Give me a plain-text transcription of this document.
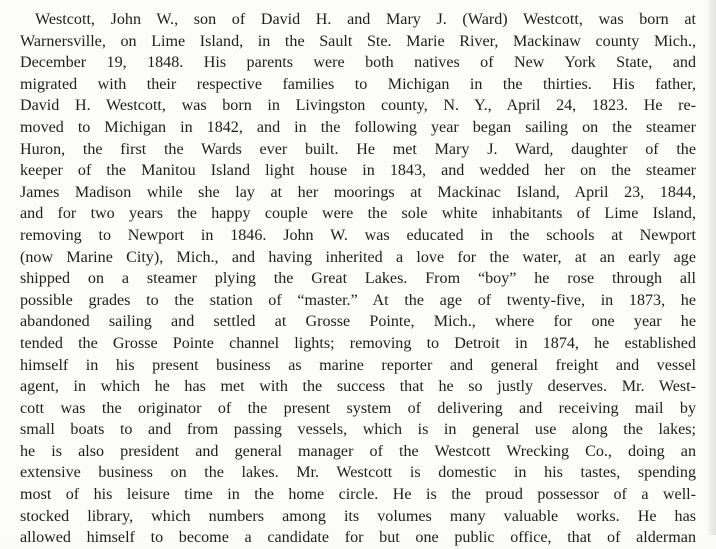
Westcott, John W., son of David H. and Mary J. (Ward) Westcott, was born at
Warnersville, on Lime Island, in the Sault Ste. Marie River, Mackinaw county Mich.,
December 19, 1848. His parents were both natives of New York State, and
migrated with their respective families to Michigan in the thirties. His father,
David H. Westcott, was born in Livingston county, N. Y., April 24, 1823. He re-
moved to Michigan in 1842, and in the following year began sailing on the steamer
Huron, the first the Wards ever built. He met Mary J. Ward, daughter of the
keeper of the Manitou Island light house in 1843, and wedded her on the steamer
James Madison while she lay at her moorings at Mackinac Island, April 23, 1844,
and for two years the happy couple were the sole white inhabitants of Lime Island,
removing to Newport in 1846. John W. was educated in the schools at Newport
(now Marine City), Mich., and having inherited a love for the water, at an early age
shipped on a steamer plying the Great Lakes. From “boy” he rose through all
possible grades to the station of “master.” At the age of twenty-five, in 1873, he
abandoned sailing and settled at Grosse Pointe, Mich., where for one year he
tended the Grosse Pointe channel lights; removing to Detroit in 1874, he established
himself in his present business as marine reporter and general freight and vessel
agent, in which he has met with the success that he so justly deserves. Mr. West-
cott was the originator of the present system of delivering and receiving mail by
small boats to and from passing vessels, which is in general use along the lakes;
he is also president and general manager of the Westcott Wrecking Co., doing an
extensive business on the lakes. Mr. Westcott is domestic in his tastes, spending
most of his leisure time in the home circle. He is the proud possessor of a well-
stocked library, which numbers among its volumes many valuable works. He has
allowed himself to become a candidate for but one public office, that of alderman
